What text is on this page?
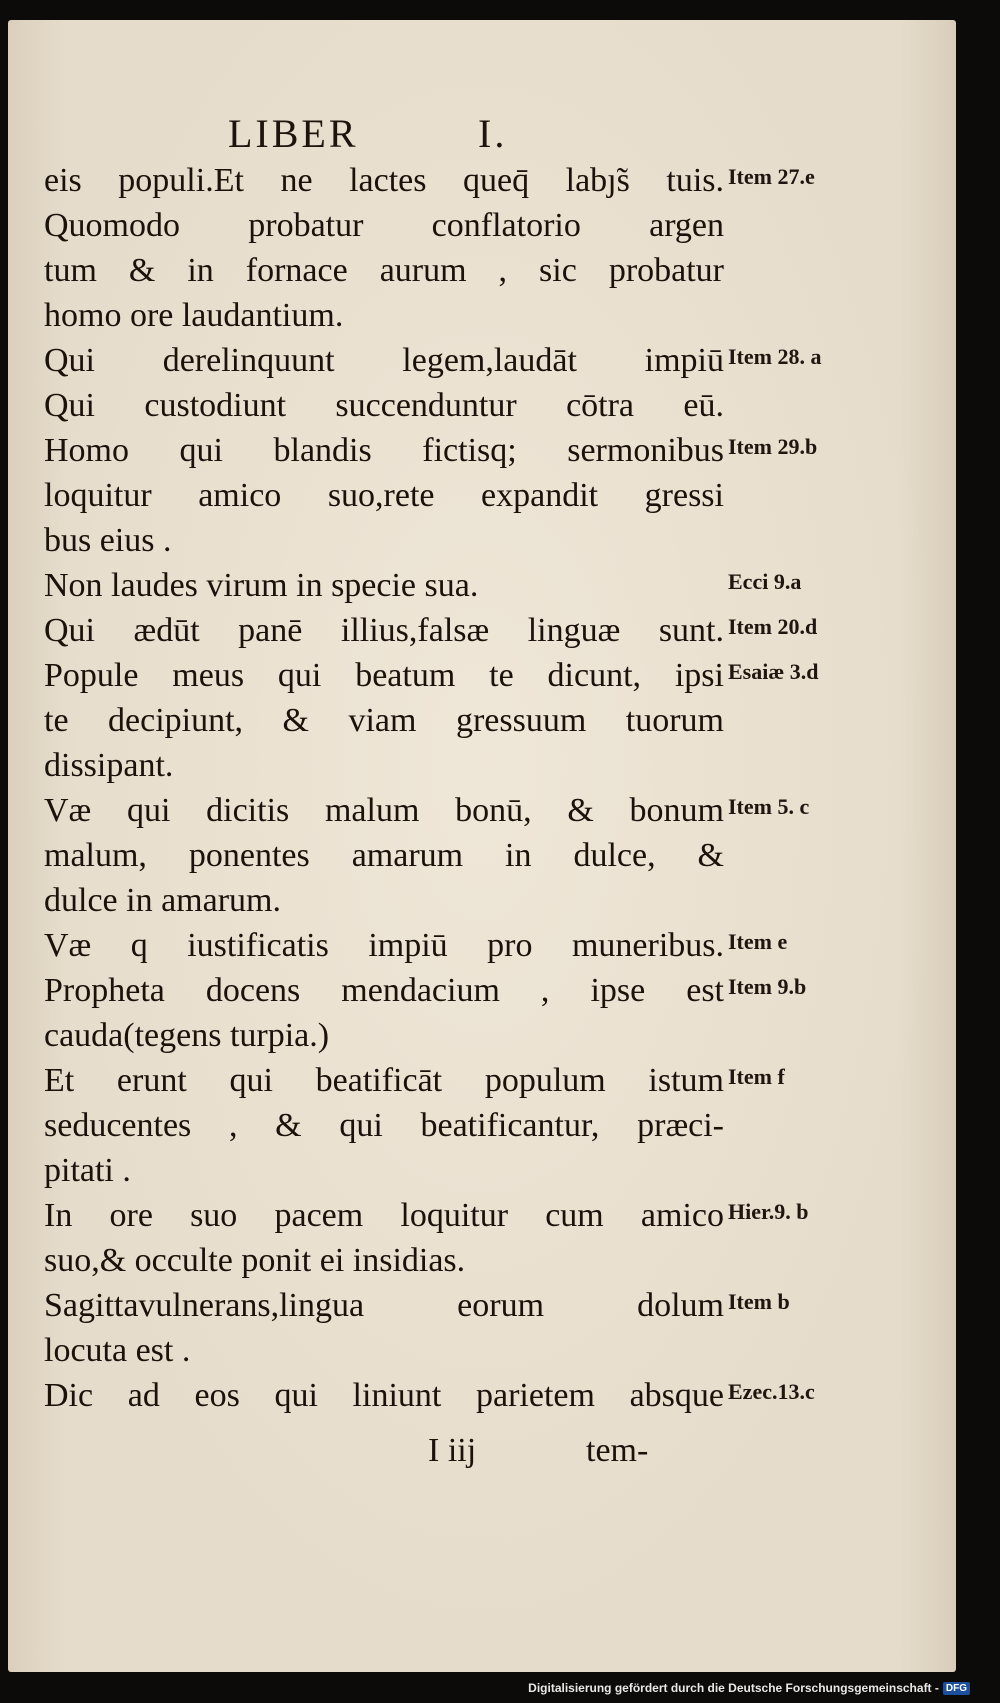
LIBER	I.
eis populi.Et ne lactes queq̄ labȷ̃s tuis. Item 27.e
Quomodo probatur conflatorio argen
tum & in fornace aurum , sic probatur
homo ore laudantium.
Qui derelinquunt legem,laudāt impiū Item 28. a
Qui custodiunt succenduntur cōtra eū.
Homo qui blandis fictisq; sermonibus Item 29.b
loquitur amico suo,rete expandit gressi
bus eius .
Non laudes virum in specie sua.	Ecci 9.a
Qui ædūt panē illius,falsæ linguæ sunt. Item 20.d
Popule meus qui beatum te dicunt, ipsi Esaiæ 3.d
te decipiunt, & viam gressuum tuorum
dissipant.
Væ qui dicitis malum bonū, & bonum Item 5. c
malum, ponentes amarum in dulce, &
dulce in amarum.
Væ q iustificatis impiū pro muneribus. Item e
Propheta docens mendacium , ipse est Item 9.b
cauda(tegens turpia.)
Et erunt qui beatificāt populum istum Item f
seducentes , & qui beatificantur, præci-
pitati .
In ore suo pacem loquitur cum amico Hier.9. b
suo,& occulte ponit ei insidias.
Sagittavulnerans,lingua eorum dolum Item b
locuta est .
Dic ad eos qui liniunt parietem absque Ezec.13.c
I iij	tem-
Digitalisierung gefördert durch die Deutsche Forschungsgemeinschaft - DFG
